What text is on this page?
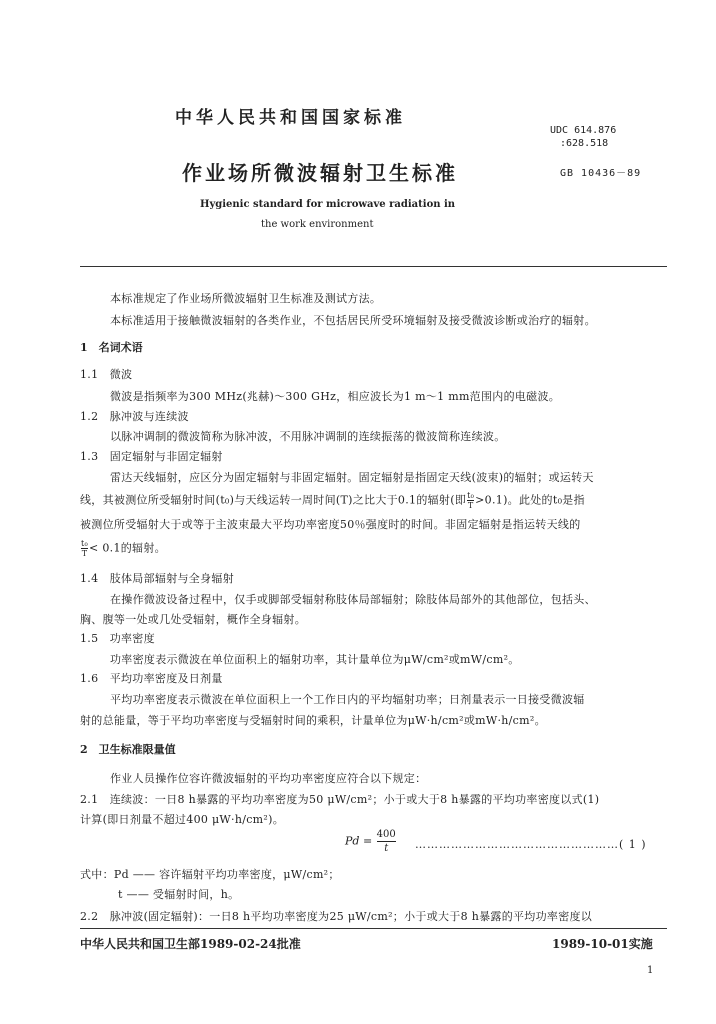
中华人民共和国国家标准
UDC 614.876
:628.518
作业场所微波辐射卫生标准	GB 10436－89
Hygienic standard for microwave radiation in
the work environment
本标准规定了作业场所微波辐射卫生标准及测试方法。
本标准适用于接触微波辐射的各类作业，不包括居民所受环境辐射及接受微波诊断或治疗的辐射。
1　名词术语
1.1　微波
微波是指频率为300 MHz(兆赫)～300 GHz，相应波长为1 m～1 mm范围内的电磁波。
1.2　脉冲波与连续波
以脉冲调制的微波简称为脉冲波，不用脉冲调制的连续振荡的微波简称连续波。
1.3　固定辐射与非固定辐射
雷达天线辐射，应区分为固定辐射与非固定辐射。固定辐射是指固定天线(波束)的辐射；或运转天
线，其被测位所受辐射时间(t₀)与天线运转一周时间(T)之比大于0.1的辐射(即 $\frac{\text{t₀}}{T} >0.1$)。此处的t₀是指
被测位所受辐射大于或等于主波束最大平均功率密度50％强度时的时间。非固定辐射是指运转天线的
$\frac{\text{t₀}}{T} < 0.1$的辐射。
1.4　肢体局部辐射与全身辐射
在操作微波设备过程中，仅手或脚部受辐射称肢体局部辐射；除肢体局部外的其他部位，包括头、
胸、腹等一处或几处受辐射，概作全身辐射。
1.5　功率密度
功率密度表示微波在单位面积上的辐射功率，其计量单位为μW/cm²或mW/cm²。
1.6　平均功率密度及日剂量
平均功率密度表示微波在单位面积上一个工作日内的平均辐射功率；日剂量表示一日接受微波辐
射的总能量，等于平均功率密度与受辐射时间的乘积，计量单位为μW·h/cm²或mW·h/cm²。
2　卫生标准限量值
作业人员操作位容许微波辐射的平均功率密度应符合以下规定：
2.1　连续波：一日8 h暴露的平均功率密度为50 μW/cm²；小于或大于8 h暴露的平均功率密度以式(1)
计算(即日剂量不超过400 μW·h/cm²)。
$Pd = \frac{400}{t}$ ……………………………………………( 1 )
式中：Pd —— 容许辐射平均功率密度，μW/cm²；
t —— 受辐射时间，h。
2.2　脉冲波(固定辐射)：一日8 h平均功率密度为25 μW/cm²；小于或大于8 h暴露的平均功率密度以
中华人民共和国卫生部1989-02-24批准	1989-10-01实施
1
